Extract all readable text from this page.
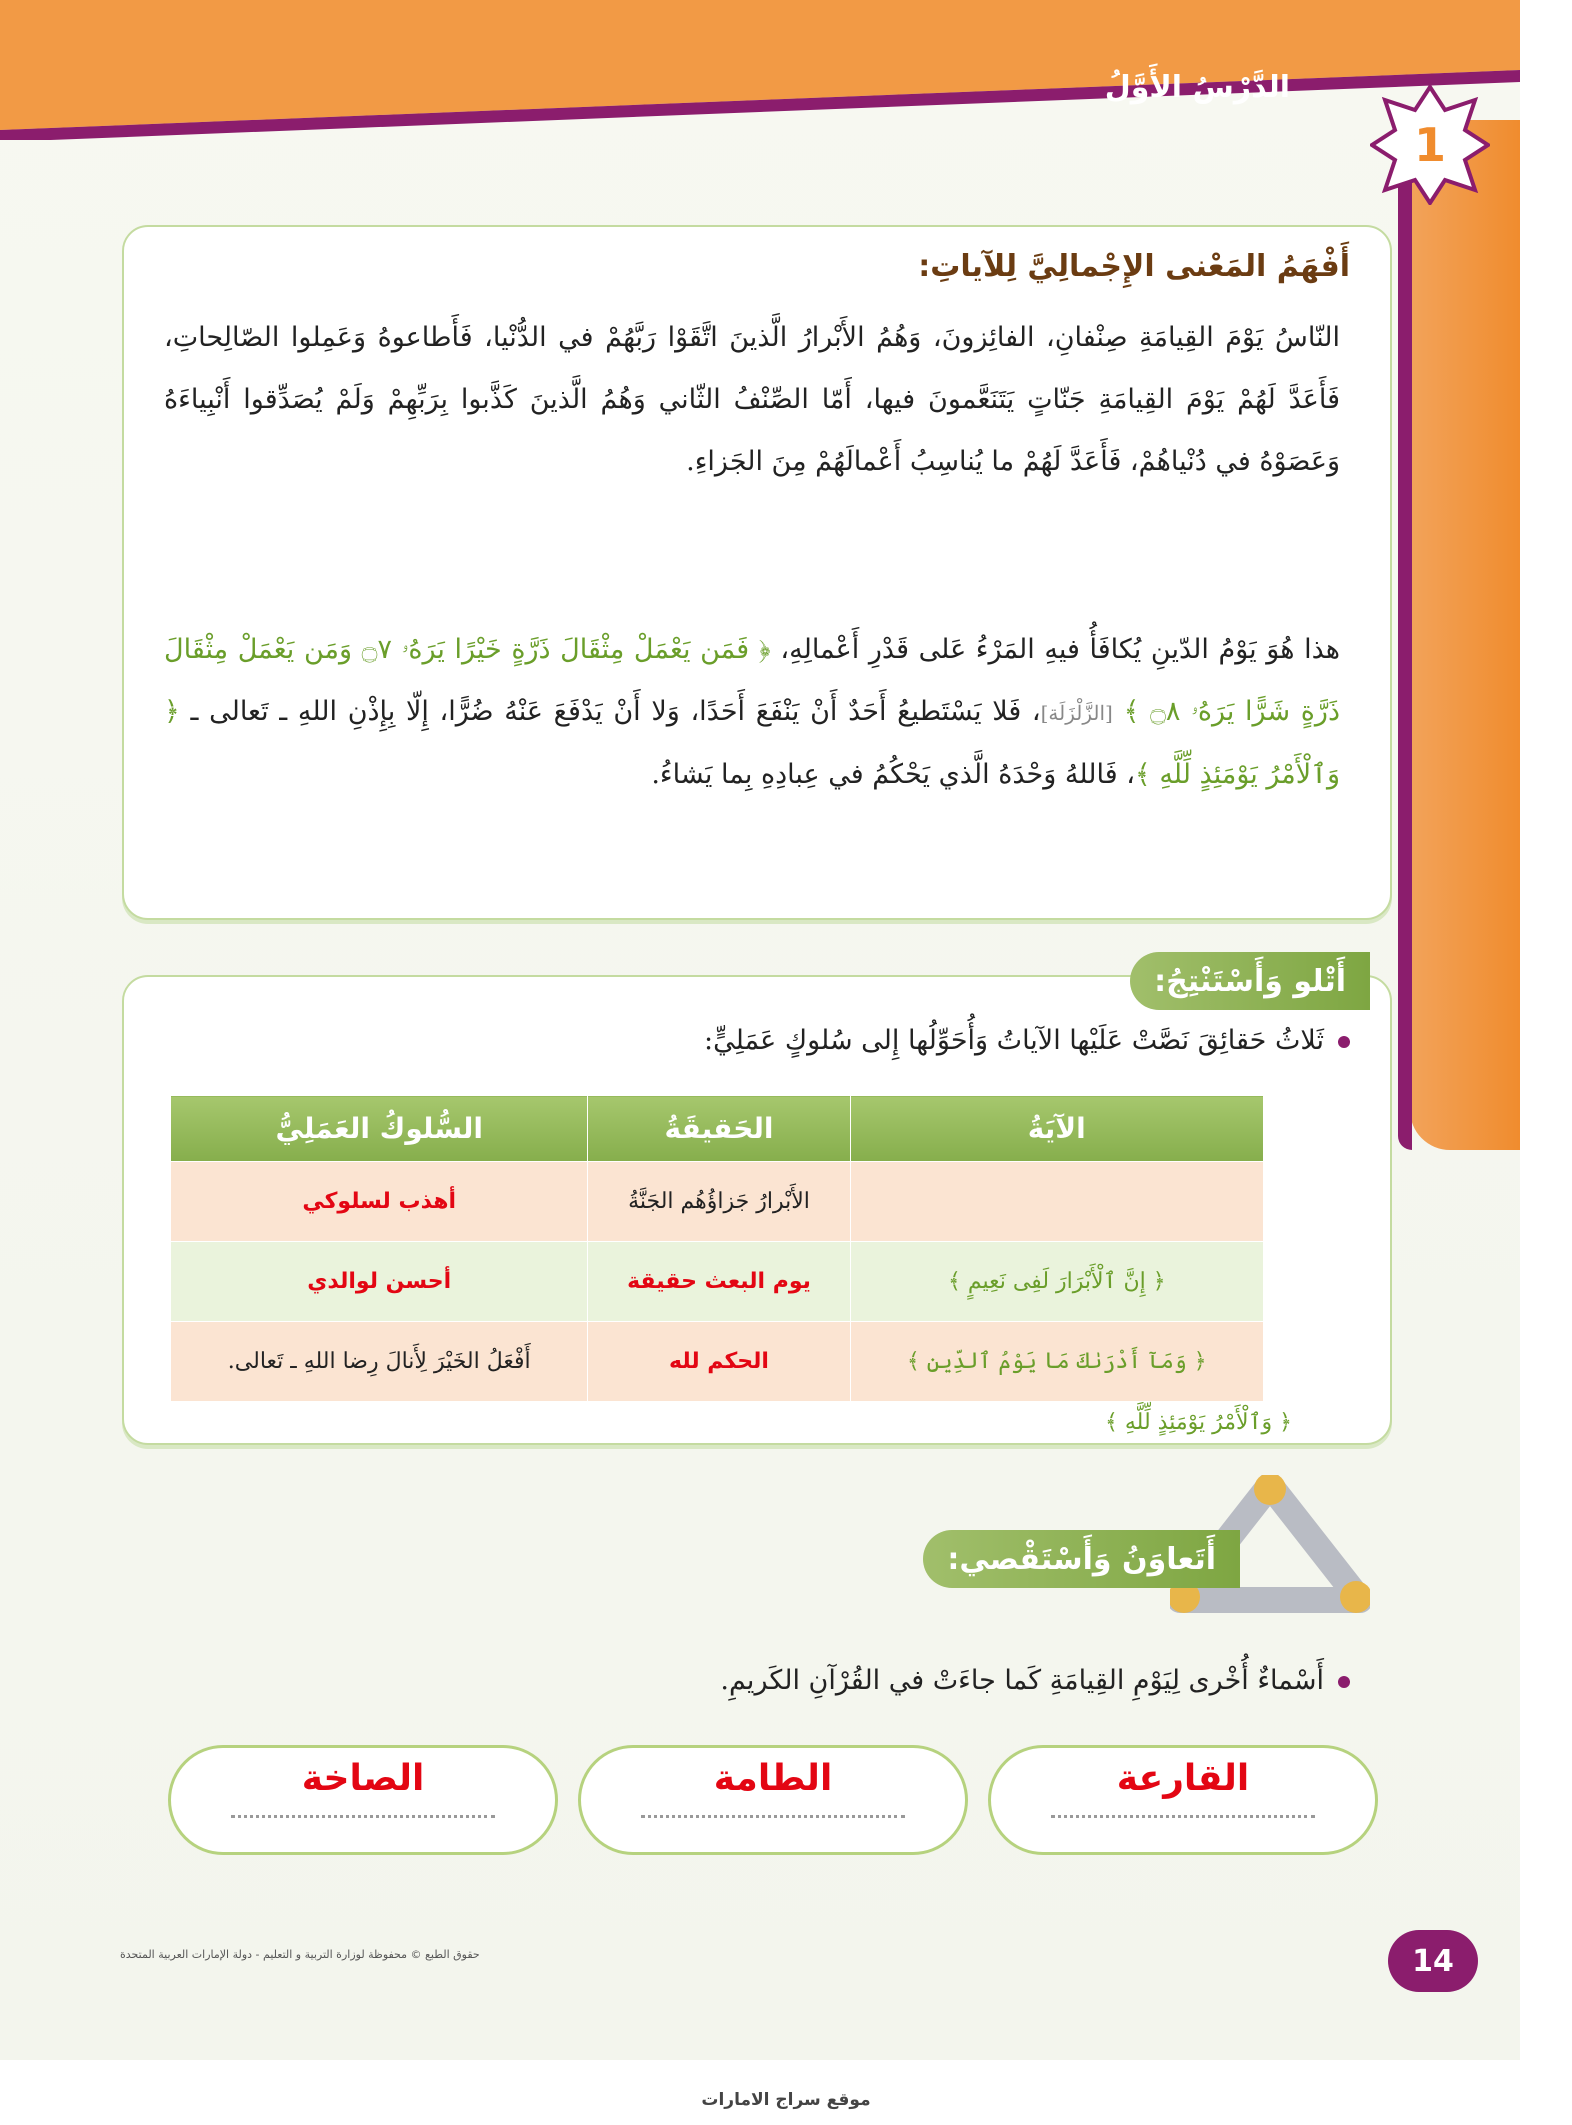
الدَّرْسُ الأَوَّلُ
1
أَفْهَمُ المَعْنى الإِجْمالِيَّ لِلآياتِ:
النّاسُ يَوْمَ القِيامَةِ صِنْفانِ، الفائِزونَ، وَهُمُ الأَبْرارُ الَّذينَ اتَّقَوْا رَبَّهُمْ في الدُّنْيا، فَأَطاعوهُ وَعَمِلوا الصّالِحاتِ، فَأَعَدَّ لَهُمْ يَوْمَ القِيامَةِ جَنّاتٍ يَتَنَعَّمونَ فيها، أَمّا الصِّنْفُ الثّاني وَهُمُ الَّذينَ كَذَّبوا بِرَبِّهِمْ وَلَمْ يُصَدِّقوا أَنْبِياءَهُ وَعَصَوْهُ في دُنْياهُمْ، فَأَعَدَّ لَهُمْ ما يُناسِبُ أَعْمالَهُمْ مِنَ الجَزاءِ.
هذا هُوَ يَوْمُ الدّينِ يُكافَأُ فيهِ المَرْءُ عَلى قَدْرِ أَعْمالِهِ، ﴿ فَمَن يَعْمَلْ مِثْقَالَ ذَرَّةٍ خَيْرًا يَرَهُۥ ۝٧ وَمَن يَعْمَلْ مِثْقَالَ ذَرَّةٍ شَرًّا يَرَهُۥ ۝٨ ﴾ [الزَّلْزَلَة]، فَلا يَسْتَطيعُ أَحَدٌ أَنْ يَنْفَعَ أَحَدًا، وَلا أَنْ يَدْفَعَ عَنْهُ ضُرًّا، إِلّا بِإِذْنِ اللهِ ـ تَعالى ـ ﴿ وَٱلْأَمْرُ يَوْمَئِذٍ لِّلَّهِ ﴾، فَاللهُ وَحْدَهُ الَّذي يَحْكُمُ في عِبادِهِ بِما يَشاءُ.
أَتْلو وَأَسْتَنْتِجُ:
ثَلاثُ حَقائِقَ نَصَّتْ عَلَيْها الآياتُ وَأُحَوِّلُها إِلى سُلوكٍ عَمَلِيٍّ:
الآيَةُ	الحَقيقَةُ	السُّلوكُ العَمَلِيُّ
	الأَبْرارُ جَزاؤُهُم الجَنَّةُ	أهذب لسلوكي
﴿ إِنَّ ٱلْأَبْرَارَ لَفِى نَعِيمٍ ﴾	يوم البعث حقيقة	أحسن لوالدي
﴿ وَمَآ أَدْرَىٰكَ مَا يَوْمُ ٱلدِّينِ ﴾	الحكم لله	أَفْعَلُ الخَيْرَ لِأَنالَ رِضا اللهِ ـ تَعالى.
﴿ وَٱلْأَمْرُ يَوْمَئِذٍ لِّلَّهِ ﴾
أَتَعاوَنُ وَأَسْتَقْصي:
أَسْماءٌ أُخْرى لِيَوْمِ القِيامَةِ كَما جاءَتْ في القُرْآنِ الكَريمِ.
القارعة
الطامة
الصاخة
حقوق الطبع © محفوظة لوزارة التربية و التعليم - دولة الإمارات العربية المتحدة	14
موقع سراج الامارات
